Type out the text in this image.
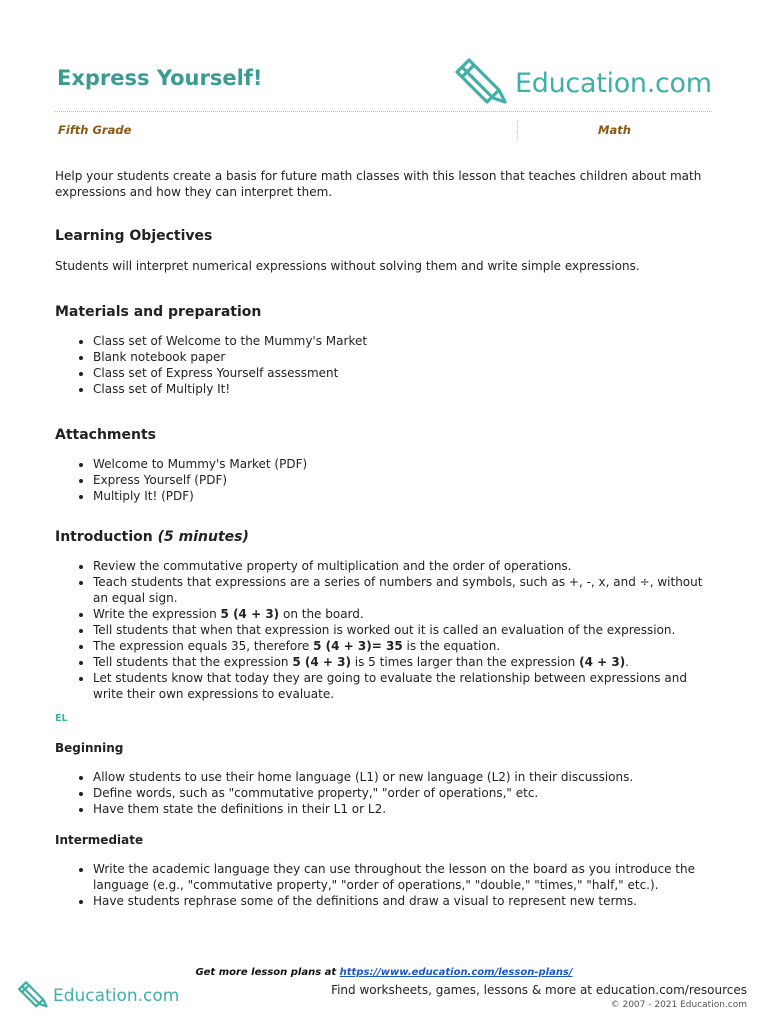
Express Yourself!	Education.com
Fifth Grade	Math

Help your students create a basis for future math classes with this lesson that teaches children about math expressions and how they can interpret them.

Learning Objectives

Students will interpret numerical expressions without solving them and write simple expressions.

Materials and preparation
• Class set of Welcome to the Mummy's Market
• Blank notebook paper
• Class set of Express Yourself assessment
• Class set of Multiply It!
Attachments
• Welcome to Mummy's Market (PDF)
• Express Yourself (PDF)
• Multiply It! (PDF)
Introduction (5 minutes)
• Review the commutative property of multiplication and the order of operations.
• Teach students that expressions are a series of numbers and symbols, such as +, -, x, and ÷, without an equal sign.
• Write the expression 5 (4 + 3) on the board.
• Tell students that when that expression is worked out it is called an evaluation of the expression.
• The expression equals 35, therefore 5 (4 + 3)= 35 is the equation.
• Tell students that the expression 5 (4 + 3) is 5 times larger than the expression (4 + 3).
• Let students know that today they are going to evaluate the relationship between expressions and write their own expressions to evaluate.
EL
Beginning
• Allow students to use their home language (L1) or new language (L2) in their discussions.
• Define words, such as "commutative property," "order of operations," etc.
• Have them state the definitions in their L1 or L2.
Intermediate
• Write the academic language they can use throughout the lesson on the board as you introduce the language (e.g., "commutative property," "order of operations," "double," "times," "half," etc.).
• Have students rephrase some of the definitions and draw a visual to represent new terms.
Get more lesson plans at https://www.education.com/lesson-plans/
Education.com	Find worksheets, games, lessons & more at education.com/resources
© 2007 - 2021 Education.com
